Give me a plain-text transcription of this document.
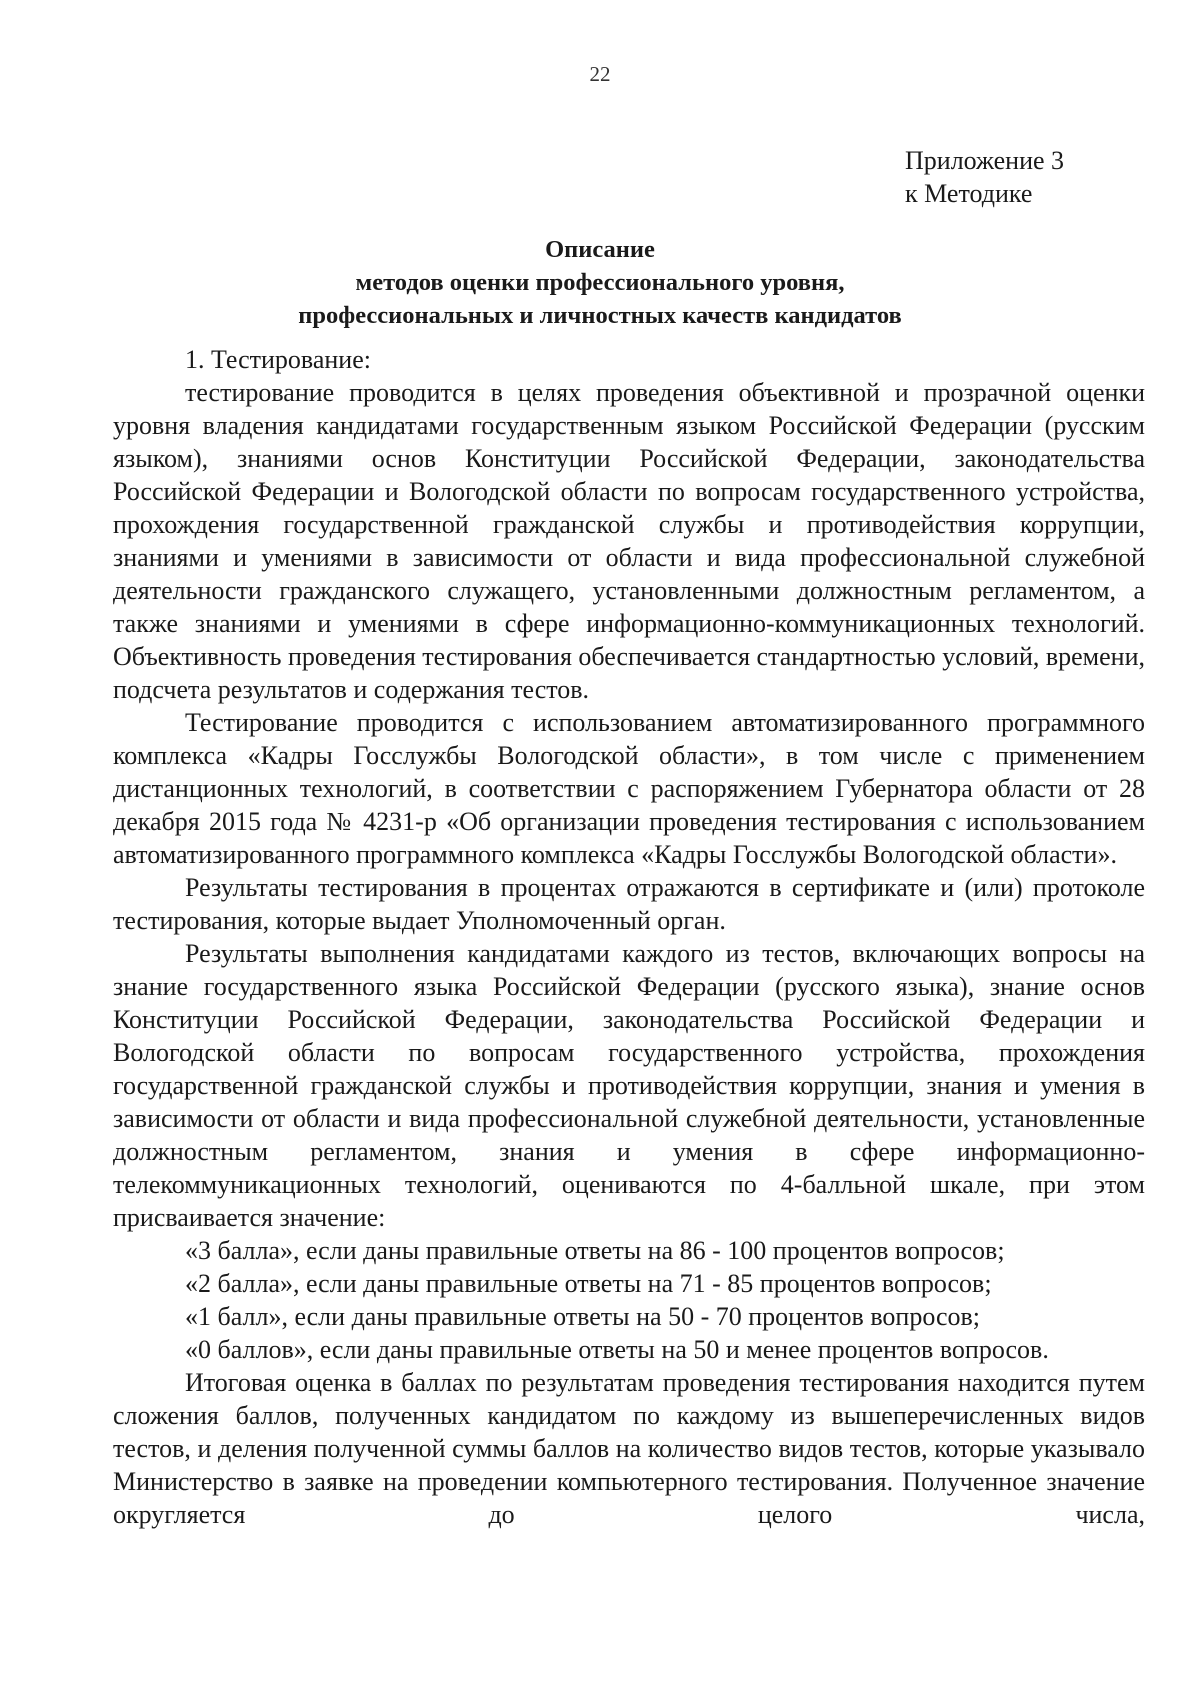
22
Приложение 3
к Методике
Описание
методов оценки профессионального уровня,
профессиональных и личностных качеств кандидатов
1. Тестирование:

тестирование проводится в целях проведения объективной и прозрачной оценки уровня владения кандидатами государственным языком Российской Федерации (русским языком), знаниями основ Конституции Российской Федерации, законодательства Российской Федерации и Вологодской области по вопросам государственного устройства, прохождения государственной гражданской службы и противодействия коррупции, знаниями и умениями в зависимости от области и вида профессиональной служебной деятельности гражданского служащего, установленными должностным регламентом, а также знаниями и умениями в сфере информационно-коммуникационных технологий. Объективность проведения тестирования обеспечивается стандартностью условий, времени, подсчета результатов и содержания тестов.

Тестирование проводится с использованием автоматизированного программного комплекса «Кадры Госслужбы Вологодской области», в том числе с применением дистанционных технологий, в соответствии с распоряжением Губернатора области от 28 декабря 2015 года № 4231-р «Об организации проведения тестирования с использованием автоматизированного программного комплекса «Кадры Госслужбы Вологодской области».

Результаты тестирования в процентах отражаются в сертификате и (или) протоколе тестирования, которые выдает Уполномоченный орган.

Результаты выполнения кандидатами каждого из тестов, включающих вопросы на знание государственного языка Российской Федерации (русского языка), знание основ Конституции Российской Федерации, законодательства Российской Федерации и Вологодской области по вопросам государственного устройства, прохождения государственной гражданской службы и противодействия коррупции, знания и умения в зависимости от области и вида профессиональной служебной деятельности, установленные должностным регламентом, знания и умения в сфере информационно-телекоммуникационных технологий, оцениваются по 4-балльной шкале, при этом присваивается значение:

«3 балла», если даны правильные ответы на 86 - 100 процентов вопросов;
«2 балла», если даны правильные ответы на 71 - 85 процентов вопросов;
«1 балл», если даны правильные ответы на 50 - 70 процентов вопросов;
«0 баллов», если даны правильные ответы на 50 и менее процентов вопросов.

Итоговая оценка в баллах по результатам проведения тестирования находится путем сложения баллов, полученных кандидатом по каждому из вышеперечисленных видов тестов, и деления полученной суммы баллов на количество видов тестов, которые указывало Министерство в заявке на проведении компьютерного тестирования. Полученное значение округляется до целого числа,
